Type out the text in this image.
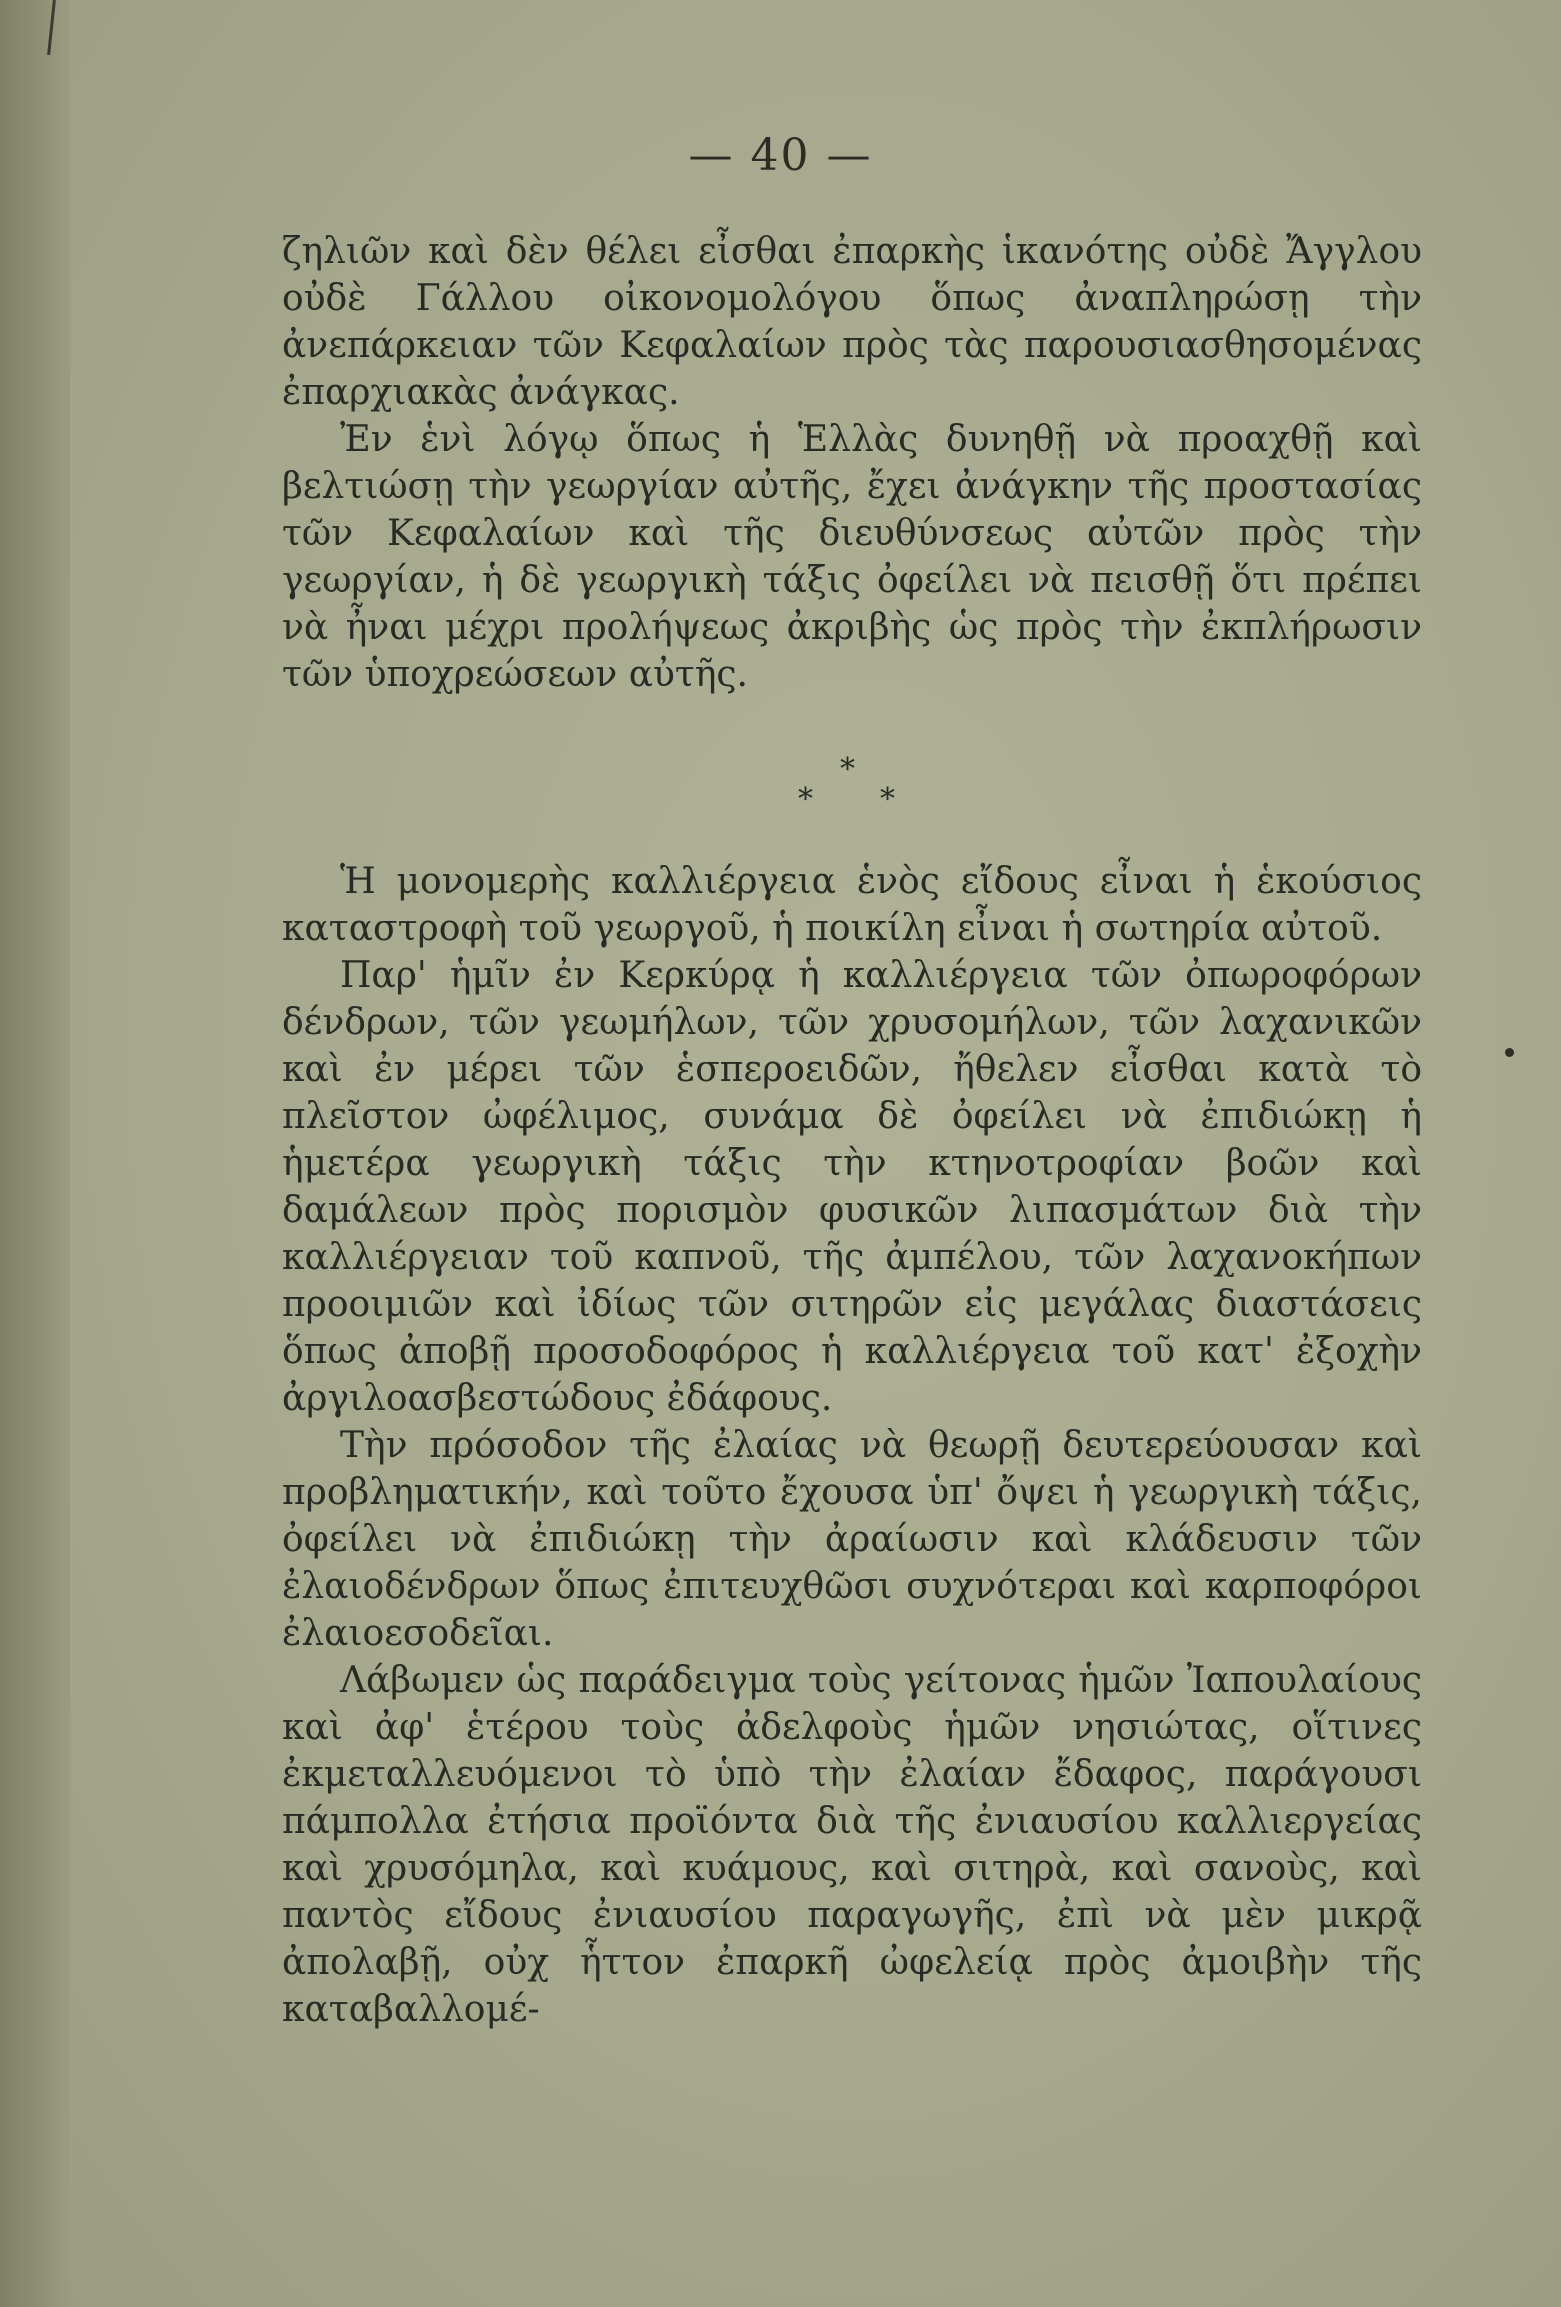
— 40 —

ζηλιῶν καὶ δὲν θέλει εἶσθαι ἐπαρκὴς ἱκανότης οὐδὲ Ἄγγλου οὐδὲ Γάλλου οἰκονομολόγου ὅπως ἀναπληρώσῃ τὴν ἀνεπάρκειαν τῶν Κεφαλαίων πρὸς τὰς παρουσιασθησομένας ἐπαρχιακὰς ἀνάγκας.

Ἐν ἑνὶ λόγῳ ὅπως ἡ Ἑλλὰς δυνηθῇ νὰ προαχθῇ καὶ βελτιώσῃ τὴν γεωργίαν αὐτῆς, ἔχει ἀνάγκην τῆς προστασίας τῶν Κεφαλαίων καὶ τῆς διευθύνσεως αὐτῶν πρὸς τὴν γεωργίαν, ἡ δὲ γεωργικὴ τάξις ὀφείλει νὰ πεισθῇ ὅτι πρέπει νὰ ἦναι μέχρι προλήψεως ἀκριβὴς ὡς πρὸς τὴν ἐκπλήρωσιν τῶν ὑποχρεώσεων αὐτῆς.

*
* *

Ἡ μονομερὴς καλλιέργεια ἑνὸς εἴδους εἶναι ἡ ἑκούσιος καταστροφὴ τοῦ γεωργοῦ, ἡ ποικίλη εἶναι ἡ σωτηρία αὐτοῦ.

Παρ' ἡμῖν ἐν Κερκύρᾳ ἡ καλλιέργεια τῶν ὀπωροφόρων δένδρων, τῶν γεωμήλων, τῶν χρυσομήλων, τῶν λαχανικῶν καὶ ἐν μέρει τῶν ἑσπεροειδῶν, ἤθελεν εἶσθαι κατὰ τὸ πλεῖστον ὠφέλιμος, συνάμα δὲ ὀφείλει νὰ ἐπιδιώκῃ ἡ ἡμετέρα γεωργικὴ τάξις τὴν κτηνοτροφίαν βοῶν καὶ δαμάλεων πρὸς πορισμὸν φυσικῶν λιπασμάτων διὰ τὴν καλλιέργειαν τοῦ καπνοῦ, τῆς ἀμπέλου, τῶν λαχανοκήπων προοιμιῶν καὶ ἰδίως τῶν σιτηρῶν εἰς μεγάλας διαστάσεις ὅπως ἀποβῇ προσοδοφόρος ἡ καλλιέργεια τοῦ κατ' ἐξοχὴν ἀργιλοασβεστώδους ἐδάφους.

Τὴν πρόσοδον τῆς ἐλαίας νὰ θεωρῇ δευτερεύουσαν καὶ προβληματικήν, καὶ τοῦτο ἔχουσα ὑπ' ὄψει ἡ γεωργικὴ τάξις, ὀφείλει νὰ ἐπιδιώκῃ τὴν ἀραίωσιν καὶ κλάδευσιν τῶν ἐλαιοδένδρων ὅπως ἐπιτευχθῶσι συχνότεραι καὶ καρποφόροι ἐλαιοεσοδεῖαι.

Λάβωμεν ὡς παράδειγμα τοὺς γείτονας ἡμῶν Ἰαπουλαίους καὶ ἀφ' ἑτέρου τοὺς ἀδελφοὺς ἡμῶν νησιώτας, οἵτινες ἐκμεταλλευόμενοι τὸ ὑπὸ τὴν ἐλαίαν ἔδαφος, παράγουσι πάμπολλα ἐτήσια προϊόντα διὰ τῆς ἐνιαυσίου καλλιεργείας καὶ χρυσόμηλα, καὶ κυάμους, καὶ σιτηρὰ, καὶ σανοὺς, καὶ παντὸς εἴδους ἐνιαυσίου παραγωγῆς, ἐπὶ νὰ μὲν μικρᾷ ἀπολαβῇ, οὐχ ἧττον ἐπαρκῆ ὠφελείᾳ πρὸς ἀμοιβὴν τῆς καταβαλλομέ-
